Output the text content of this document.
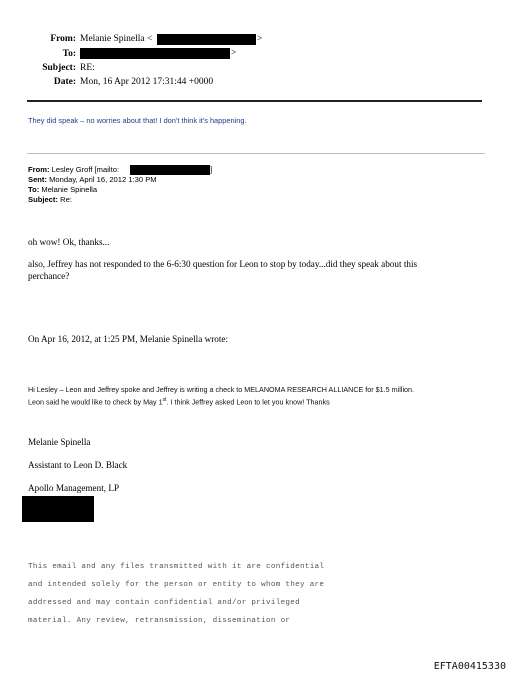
From: Melanie Spinella <	>
To:	>
Subject: RE:
Date: Mon, 16 Apr 2012 17:31:44 +0000
They did speak – no worries about that! I don't think it's happening.
From: Lesley Groff [mailto:	]
Sent: Monday, April 16, 2012 1:30 PM
To: Melanie Spinella
Subject: Re:
oh wow! Ok, thanks...
also, Jeffrey has not responded to the 6-6:30 question for Leon to stop by today...did they speak about this
perchance?
On Apr 16, 2012, at 1:25 PM, Melanie Spinella wrote:
Hi Lesley – Leon and Jeffrey spoke and Jeffrey is writing a check to MELANOMA RESEARCH ALLIANCE for $1.5 million.
Leon said he would like to check by May 1st. I think Jeffrey asked Leon to let you know! Thanks
Melanie Spinella
Assistant to Leon D. Black
Apollo Management, LP
This email and any files transmitted with it are confidential
and intended solely for the person or entity to whom they are
addressed and may contain confidential and/or privileged
material. Any review, retransmission, dissemination or
EFTA00415330
